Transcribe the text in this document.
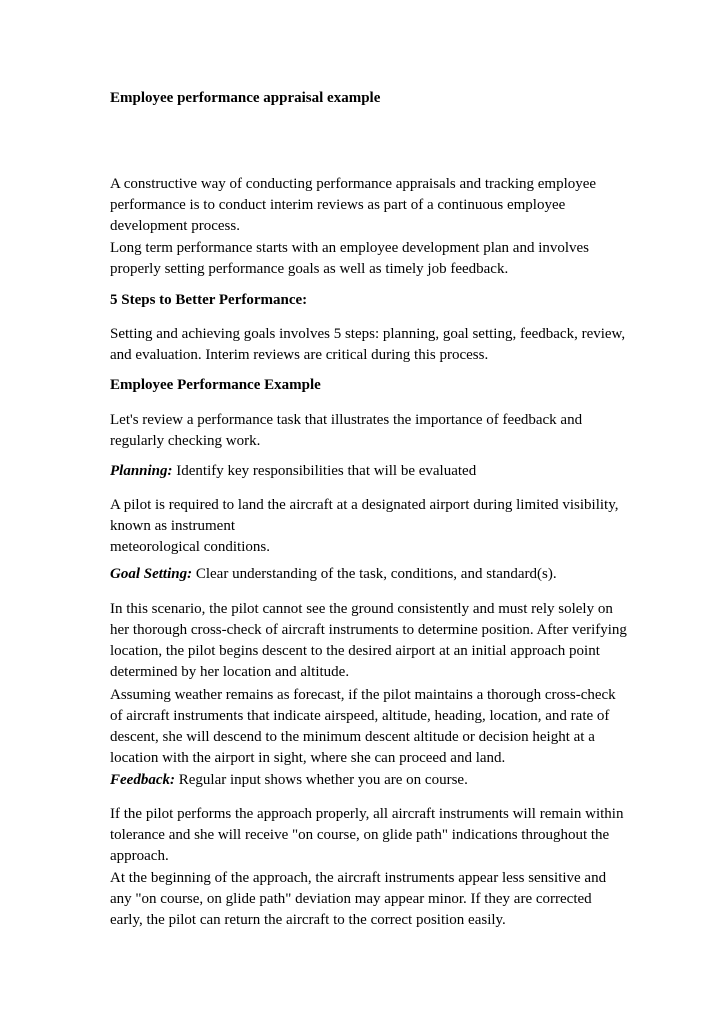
Employee performance appraisal example

A constructive way of conducting performance appraisals and tracking employee
performance is to conduct interim reviews as part of a continuous employee
development process.

Long term performance starts with an employee development plan and involves
properly setting performance goals as well as timely job feedback.

5 Steps to Better Performance:

Setting and achieving goals involves 5 steps: planning, goal setting, feedback, review,
and evaluation. Interim reviews are critical during this process.

Employee Performance Example

Let's review a performance task that illustrates the importance of feedback and
regularly checking work.

Planning: Identify key responsibilities that will be evaluated

A pilot is required to land the aircraft at a designated airport during limited visibility,
known as instrument
meteorological conditions.

Goal Setting: Clear understanding of the task, conditions, and standard(s).

In this scenario, the pilot cannot see the ground consistently and must rely solely on
her thorough cross-check of aircraft instruments to determine position. After verifying
location, the pilot begins descent to the desired airport at an initial approach point
determined by her location and altitude.

Assuming weather remains as forecast, if the pilot maintains a thorough cross-check
of aircraft instruments that indicate airspeed, altitude, heading, location, and rate of
descent, she will descend to the minimum descent altitude or decision height at a
location with the airport in sight, where she can proceed and land.

Feedback: Regular input shows whether you are on course.

If the pilot performs the approach properly, all aircraft instruments will remain within
tolerance and she will receive "on course, on glide path" indications throughout the
approach.

At the beginning of the approach, the aircraft instruments appear less sensitive and
any "on course, on glide path" deviation may appear minor. If they are corrected
early, the pilot can return the aircraft to the correct position easily.
